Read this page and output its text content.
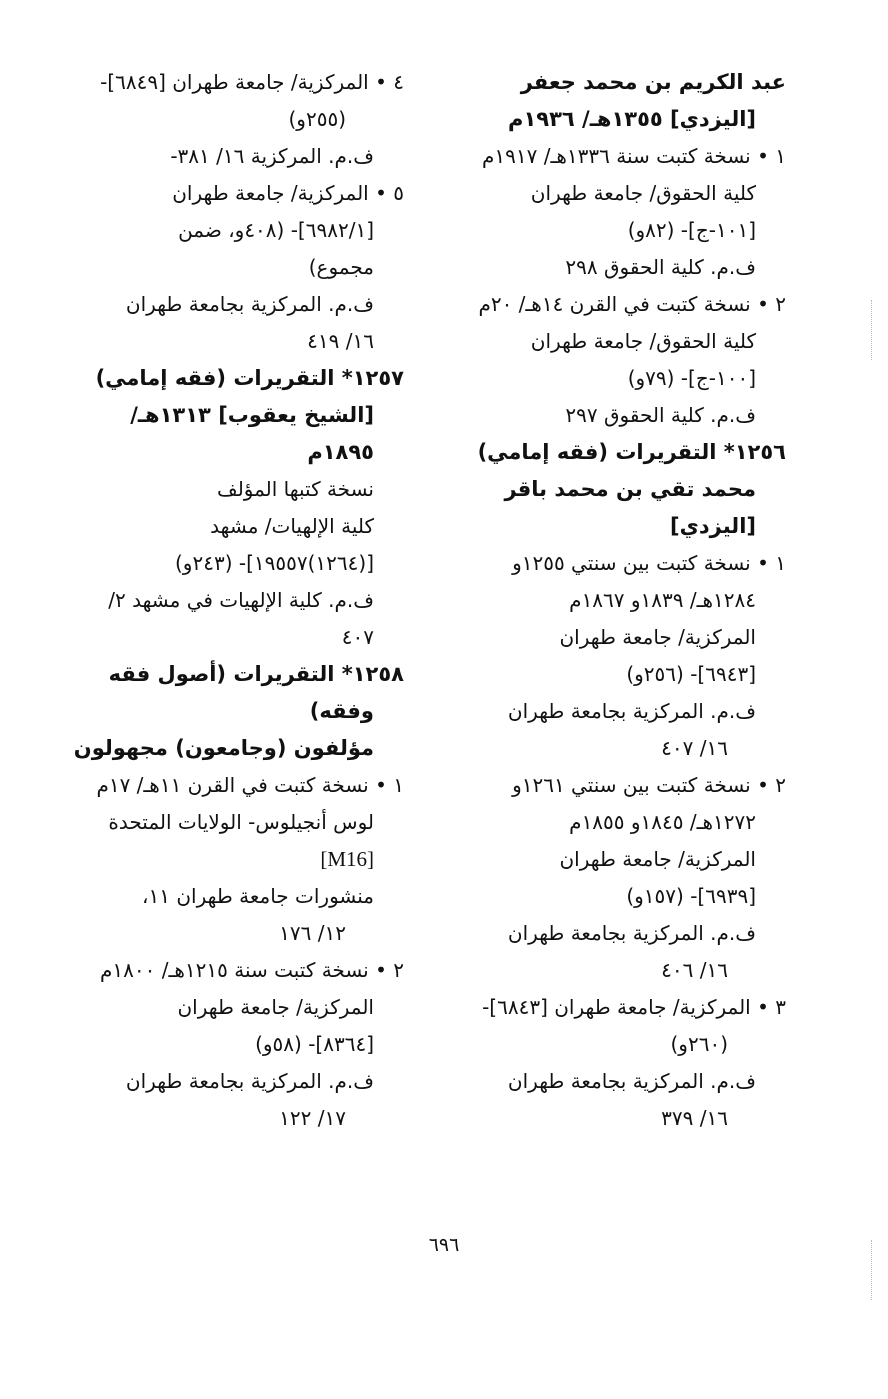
عبد الكريم بن محمد جعفر
[اليزدي] ١٣٥٥هـ/ ١٩٣٦م
١ • نسخة كتبت سنة ١٣٣٦هـ/ ١٩١٧م
كلية الحقوق/ جامعة طهران
[١٠١-ج]- (٨٢و)
ف.م. كلية الحقوق ٢٩٨
٢ • نسخة كتبت في القرن ١٤هـ/ ٢٠م
كلية الحقوق/ جامعة طهران
[١٠٠-ج]- (٧٩و)
ف.م. كلية الحقوق ٢٩٧
١٢٥٦* التقريرات (فقه إمامي)
محمد تقي بن محمد باقر
[اليزدي]
١ • نسخة كتبت بين سنتي ١٢٥٥و
١٢٨٤هـ/ ١٨٣٩و ١٨٦٧م
المركزية/ جامعة طهران
[٦٩٤٣]- (٢٥٦و)
ف.م. المركزية بجامعة طهران
١٦/ ٤٠٧
٢ • نسخة كتبت بين سنتي ١٢٦١و
١٢٧٢هـ/ ١٨٤٥و ١٨٥٥م
المركزية/ جامعة طهران
[٦٩٣٩]- (١٥٧و)
ف.م. المركزية بجامعة طهران
١٦/ ٤٠٦
٣ • المركزية/ جامعة طهران [٦٨٤٣]-
(٢٦٠و)
ف.م. المركزية بجامعة طهران
١٦/ ٣٧٩
٤ • المركزية/ جامعة طهران [٦٨٤٩]-
(٢٥٥و)
ف.م. المركزية ١٦/ ٣٨١-
٥ • المركزية/ جامعة طهران
[٦٩٨٢/١]- (٤٠٨و، ضمن
مجموع)
ف.م. المركزية بجامعة طهران
١٦/ ٤١٩
١٢٥٧* التقريرات (فقه إمامي)
[الشيخ يعقوب] ١٣١٣هـ/
١٨٩٥م
نسخة كتبها المؤلف
كلية الإلهيات/ مشهد
[(١٢٦٤)١٩٥٥٧]- (٢٤٣و)
ف.م. كلية الإلهيات في مشهد ٢/
٤٠٧
١٢٥٨* التقريرات (أصول فقه
وفقه)
مؤلفون (وجامعون) مجهولون
١ • نسخة كتبت في القرن ١١هـ/ ١٧م
لوس أنجيلوس- الولايات المتحدة
[M16]
منشورات جامعة طهران ١١،
١٢/ ١٧٦
٢ • نسخة كتبت سنة ١٢١٥هـ/ ١٨٠٠م
المركزية/ جامعة طهران
[٨٣٦٤]- (٥٨و)
ف.م. المركزية بجامعة طهران
١٧/ ١٢٢
٦٩٦
